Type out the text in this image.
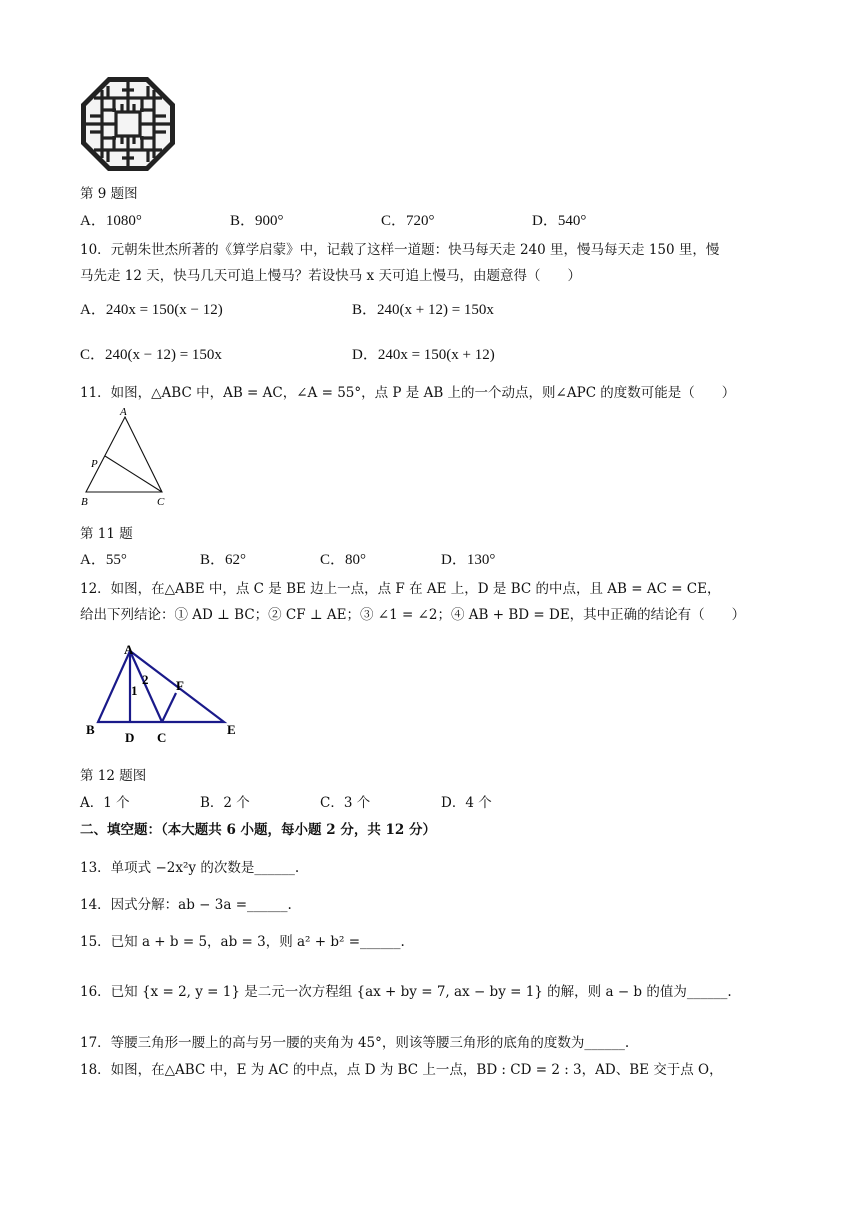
第 9 题图
A．1080°	B．900°	C．720°	D．540°
10．元朝朱世杰所著的《算学启蒙》中，记载了这样一道题：快马每天走 240 里，慢马每天走 150 里，慢
马先走 12 天，快马几天可追上慢马？若设快马 x 天可追上慢马，由题意得（　　）
A．240x = 150(x − 12)	B．240(x + 12) = 150x
C．240(x − 12) = 150x	D．240x = 150(x + 12)
11．如图，△ABC 中，AB = AC，∠A = 55°，点 P 是 AB 上的一个动点，则∠APC 的度数可能是（　　）
A
P
B	C
第 11 题
A．55°	B．62°	C．80°	D．130°
12．如图，在△ABE 中，点 C 是 BE 边上一点，点 F 在 AE 上，D 是 BC 的中点，且 AB = AC = CE，
给出下列结论：① AD ⊥ BC；② CF ⊥ AE；③ ∠1 = ∠2；④ AB + BD = DE，其中正确的结论有（　　）
A
B
D C
E
F
1
2
第 12 题图
A．1 个	B．2 个	C．3 个	D．4 个
二、填空题：（本大题共 6 小题，每小题 2 分，共 12 分）
13．单项式 −2x²y 的次数是______.
14．因式分解：ab − 3a =______.
15．已知 a + b = 5，ab = 3，则 a² + b² =______.
16．已知 {x = 2, y = 1} 是二元一次方程组 {ax + by = 7, ax − by = 1} 的解，则 a − b 的值为______.
17．等腰三角形一腰上的高与另一腰的夹角为 45°，则该等腰三角形的底角的度数为______.
18．如图，在△ABC 中，E 为 AC 的中点，点 D 为 BC 上一点，BD : CD = 2 : 3，AD、BE 交于点 O，
